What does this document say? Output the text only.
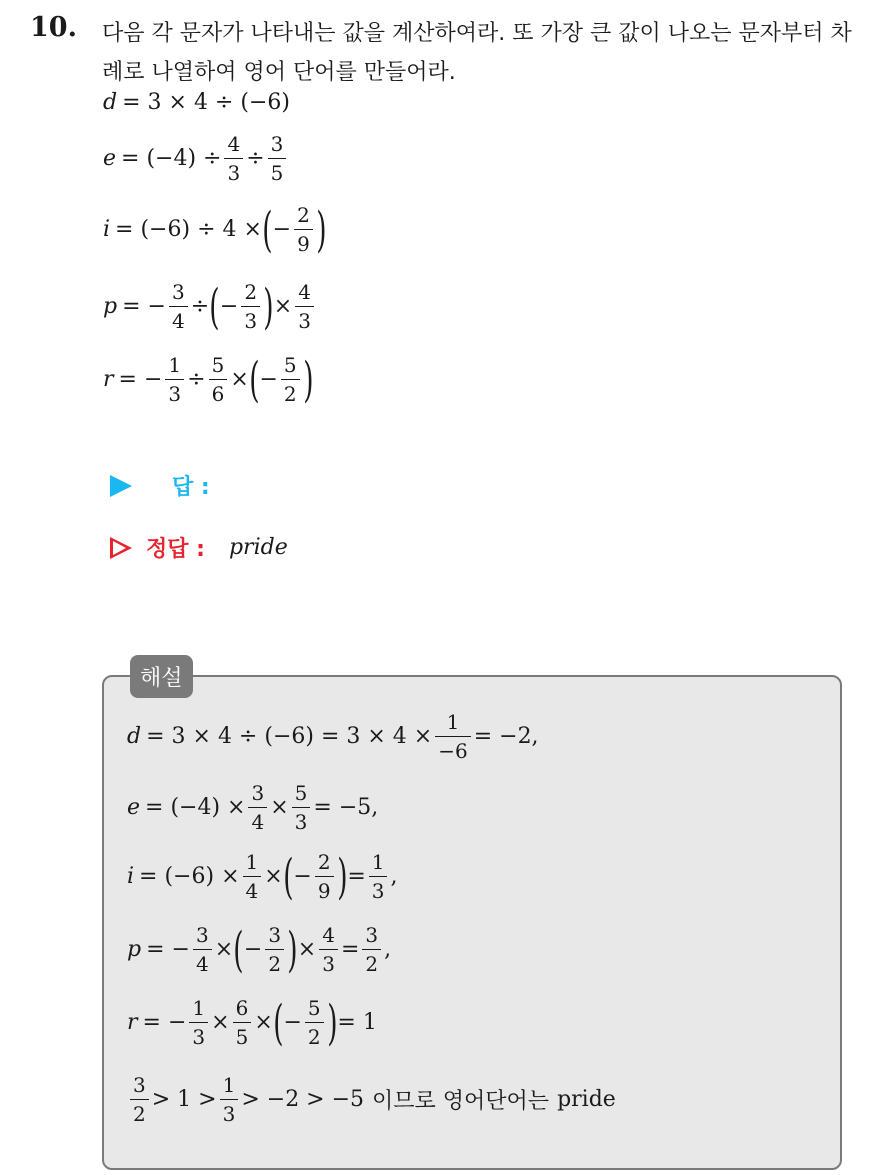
10. 다음 각 문자가 나타내는 값을 계산하여라. 또 가장 큰 값이 나오는 문자부터 차례로 나열하여 영어 단어를 만들어라.
d = 3 × 4 ÷ (−6)
$e = (-4) \div \frac{4}{3} \div \frac{3}{5}$
i = (−6) ÷ 4 × ( − $\frac{2}{9}$ )
p = − $\frac{3}{4}$ ÷ ( − $\frac{2}{3}$ ) × $\frac{4}{3}$
r = − $\frac{1}{3} \div \frac{5}{6}$ × ( − $\frac{5}{2}$ )
답 :
정답 : pride
해설
$d = 3 \times 4 \div (-6) = 3 \times 4 \times \frac{1}{-6} = -2$,
$e = (-4) \times \frac{3}{4} \times \frac{5}{3} = -5$,
$i = (-6) \times \frac{1}{4}$ × ( − $\frac{2}{9}$ ) = $\frac{1}{3}$ ,
p = − $\frac{3}{4}$ × ( − $\frac{3}{2}$ ) × $\frac{4}{3} = \frac{3}{2}$ ,
r = − $\frac{1}{3} \times \frac{6}{5}$ × ( − $\frac{5}{2}$ ) = 1
$\frac{3}{2} > 1 > \frac{1}{3} > -2 > -5$ 이므로 영어단어는 pride
